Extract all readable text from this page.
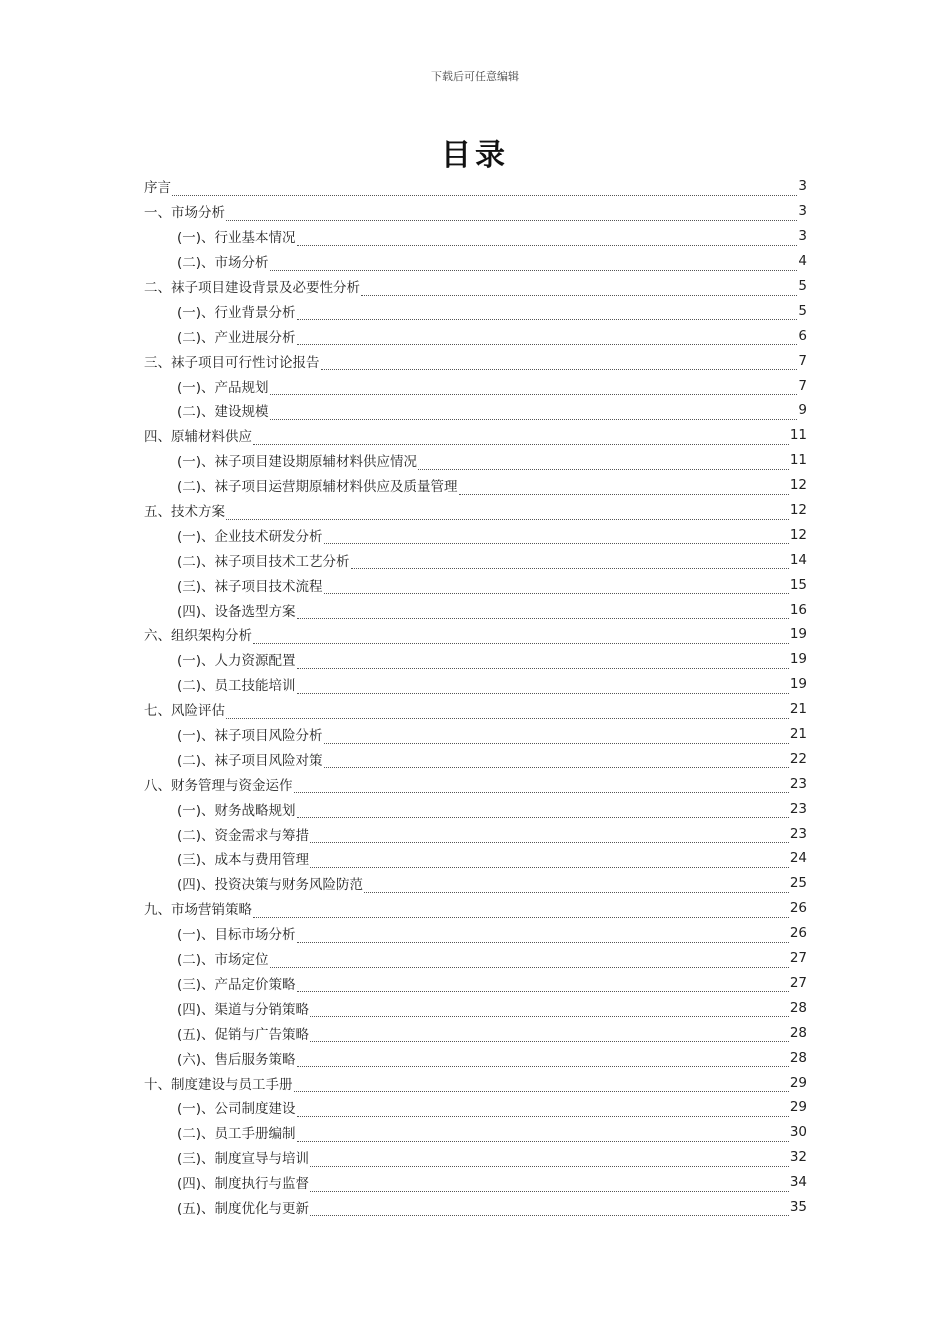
下载后可任意编辑
目录
序言	3
一、市场分析	3
(一)、行业基本情况	3
(二)、市场分析	4
二、袜子项目建设背景及必要性分析	5
(一)、行业背景分析	5
(二)、产业进展分析	6
三、袜子项目可行性讨论报告	7
(一)、产品规划	7
(二)、建设规模	9
四、原辅材料供应	11
(一)、袜子项目建设期原辅材料供应情况	11
(二)、袜子项目运营期原辅材料供应及质量管理	12
五、技术方案	12
(一)、企业技术研发分析	12
(二)、袜子项目技术工艺分析	14
(三)、袜子项目技术流程	15
(四)、设备选型方案	16
六、组织架构分析	19
(一)、人力资源配置	19
(二)、员工技能培训	19
七、风险评估	21
(一)、袜子项目风险分析	21
(二)、袜子项目风险对策	22
八、财务管理与资金运作	23
(一)、财务战略规划	23
(二)、资金需求与筹措	23
(三)、成本与费用管理	24
(四)、投资决策与财务风险防范	25
九、市场营销策略	26
(一)、目标市场分析	26
(二)、市场定位	27
(三)、产品定价策略	27
(四)、渠道与分销策略	28
(五)、促销与广告策略	28
(六)、售后服务策略	28
十、制度建设与员工手册	29
(一)、公司制度建设	29
(二)、员工手册编制	30
(三)、制度宣导与培训	32
(四)、制度执行与监督	34
(五)、制度优化与更新	35
